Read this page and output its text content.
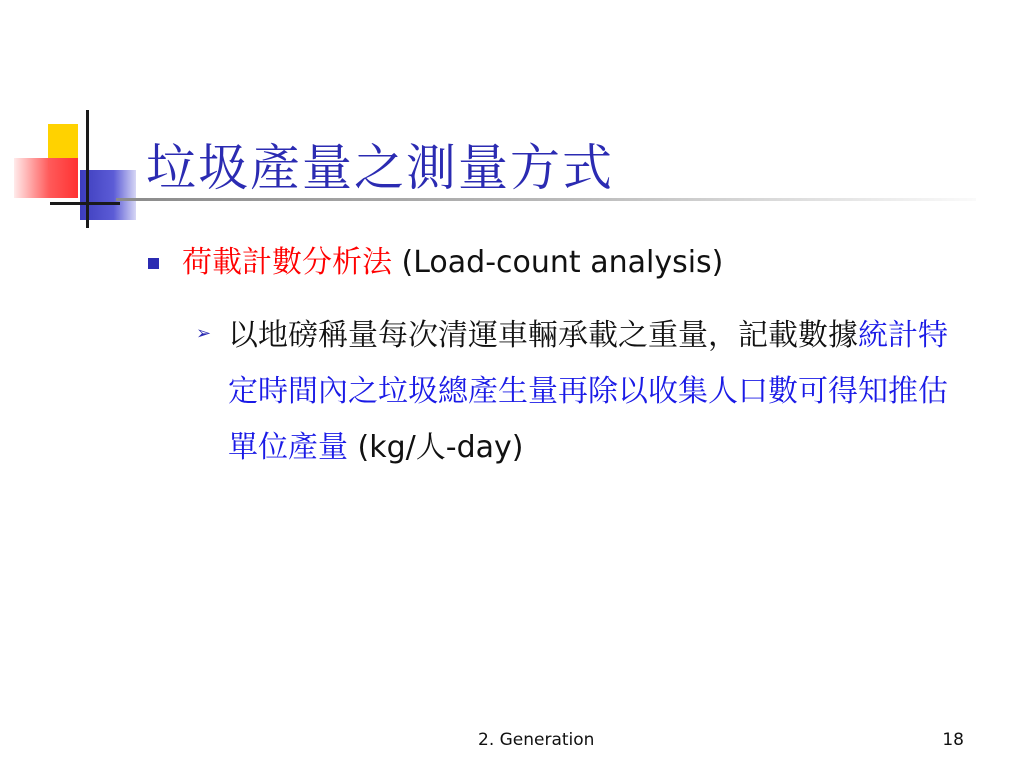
垃圾產量之測量方式
荷載計數分析法 (Load-count analysis)
➢ 以地磅稱量每次清運車輛承載之重量，記載數據統計特定時間內之垃圾總產生量再除以收集人口數可得知推估單位產量 (kg/人-day)
2. Generation	18
